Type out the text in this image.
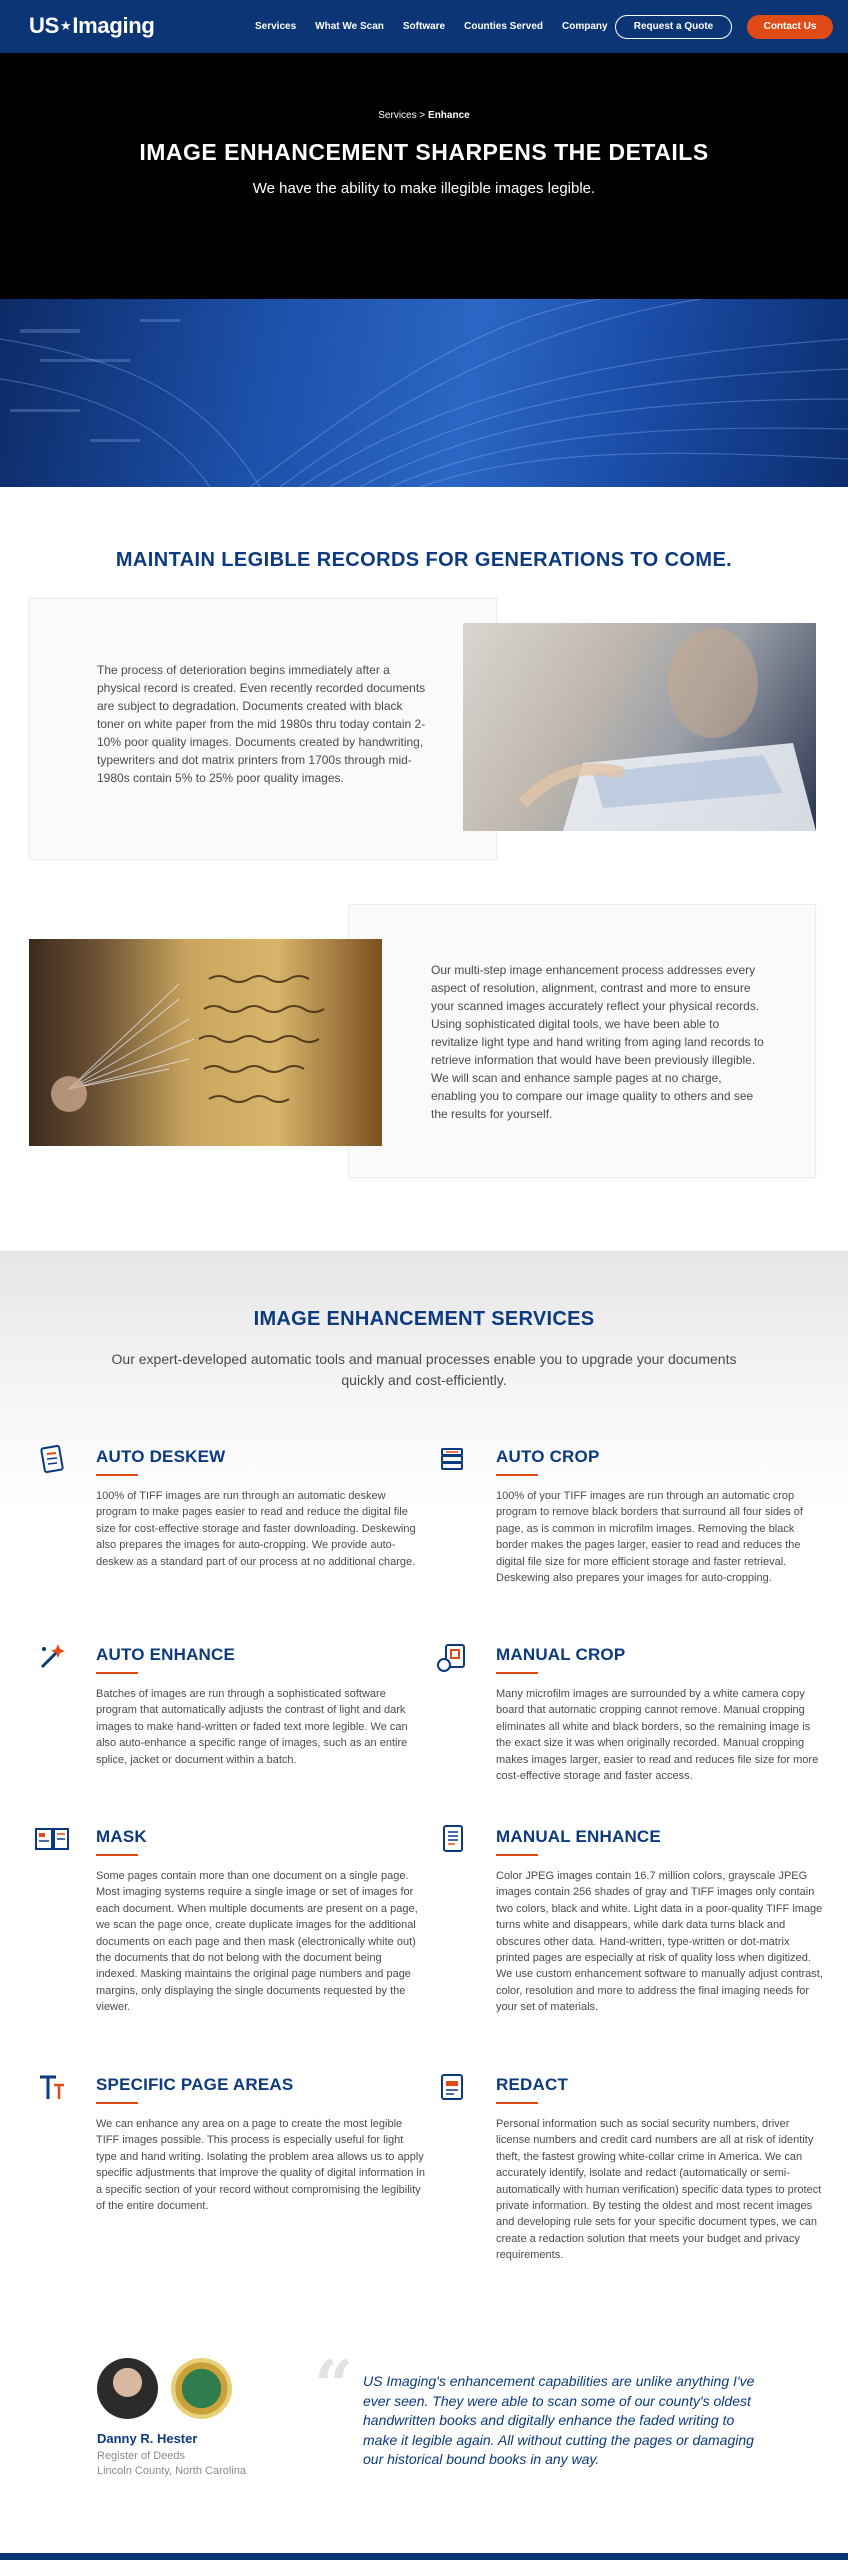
US★Imaging	Services What We Scan Software Counties Served Company	Request a Quote	Contact Us
Services > Enhance
IMAGE ENHANCEMENT SHARPENS THE DETAILS
We have the ability to make illegible images legible.
MAINTAIN LEGIBLE RECORDS FOR GENERATIONS TO COME.

The process of deterioration begins immediately after a physical record is created. Even recently recorded documents are subject to degradation. Documents created with black toner on white paper from the mid 1980s thru today contain 2-10% poor quality images. Documents created by handwriting, typewriters and dot matrix printers from 1700s through mid-1980s contain 5% to 25% poor quality images.

Our multi-step image enhancement process addresses every aspect of resolution, alignment, contrast and more to ensure your scanned images accurately reflect your physical records. Using sophisticated digital tools, we have been able to revitalize light type and hand writing from aging land records to retrieve information that would have been previously illegible. We will scan and enhance sample pages at no charge, enabling you to compare our image quality to others and see the results for yourself.

IMAGE ENHANCEMENT SERVICES

Our expert-developed automatic tools and manual processes enable you to upgrade your documents quickly and cost-efficiently.

AUTO DESKEW

100% of TIFF images are run through an automatic deskew program to make pages easier to read and reduce the digital file size for cost-effective storage and faster downloading. Deskewing also prepares the images for auto-cropping. We provide auto-deskew as a standard part of our process at no additional charge.

AUTO CROP

100% of your TIFF images are run through an automatic crop program to remove black borders that surround all four sides of page, as is common in microfilm images. Removing the black border makes the pages larger, easier to read and reduces the digital file size for more efficient storage and faster retrieval. Deskewing also prepares your images for auto-cropping.

AUTO ENHANCE

Batches of images are run through a sophisticated software program that automatically adjusts the contrast of light and dark images to make hand-written or faded text more legible. We can also auto-enhance a specific range of images, such as an entire splice, jacket or document within a batch.

MANUAL CROP

Many microfilm images are surrounded by a white camera copy board that automatic cropping cannot remove. Manual cropping eliminates all white and black borders, so the remaining image is the exact size it was when originally recorded. Manual cropping makes images larger, easier to read and reduces file size for more cost-effective storage and faster access.

MASK

Some pages contain more than one document on a single page. Most imaging systems require a single image or set of images for each document. When multiple documents are present on a page, we scan the page once, create duplicate images for the additional documents on each page and then mask (electronically white out) the documents that do not belong with the document being indexed. Masking maintains the original page numbers and page margins, only displaying the single documents requested by the viewer.

MANUAL ENHANCE

Color JPEG images contain 16.7 million colors, grayscale JPEG images contain 256 shades of gray and TIFF images only contain two colors, black and white. Light data in a poor-quality TIFF image turns white and disappears, while dark data turns black and obscures other data. Hand-written, type-written or dot-matrix printed pages are especially at risk of quality loss when digitized. We use custom enhancement software to manually adjust contrast, color, resolution and more to address the final imaging needs for your set of materials.

SPECIFIC PAGE AREAS

We can enhance any area on a page to create the most legible TIFF images possible. This process is especially useful for light type and hand writing. Isolating the problem area allows us to apply specific adjustments that improve the quality of digital information in a specific section of your record without compromising the legibility of the entire document.

REDACT

Personal information such as social security numbers, driver license numbers and credit card numbers are all at risk of identity theft, the fastest growing white-collar crime in America. We can accurately identify, isolate and redact (automatically or semi-automatically with human verification) specific data types to protect private information. By testing the oldest and most recent images and developing rule sets for your specific document types, we can create a redaction solution that meets your budget and privacy requirements.

Danny R. Hester
Register of Deeds
Lincoln County, North Carolina
“ US Imaging's enhancement capabilities are unlike anything I've ever seen. They were able to scan some of our county's oldest handwritten books and digitally enhance the faded writing to make it legible again. All without cutting the pages or damaging our historical bound books in any way.
